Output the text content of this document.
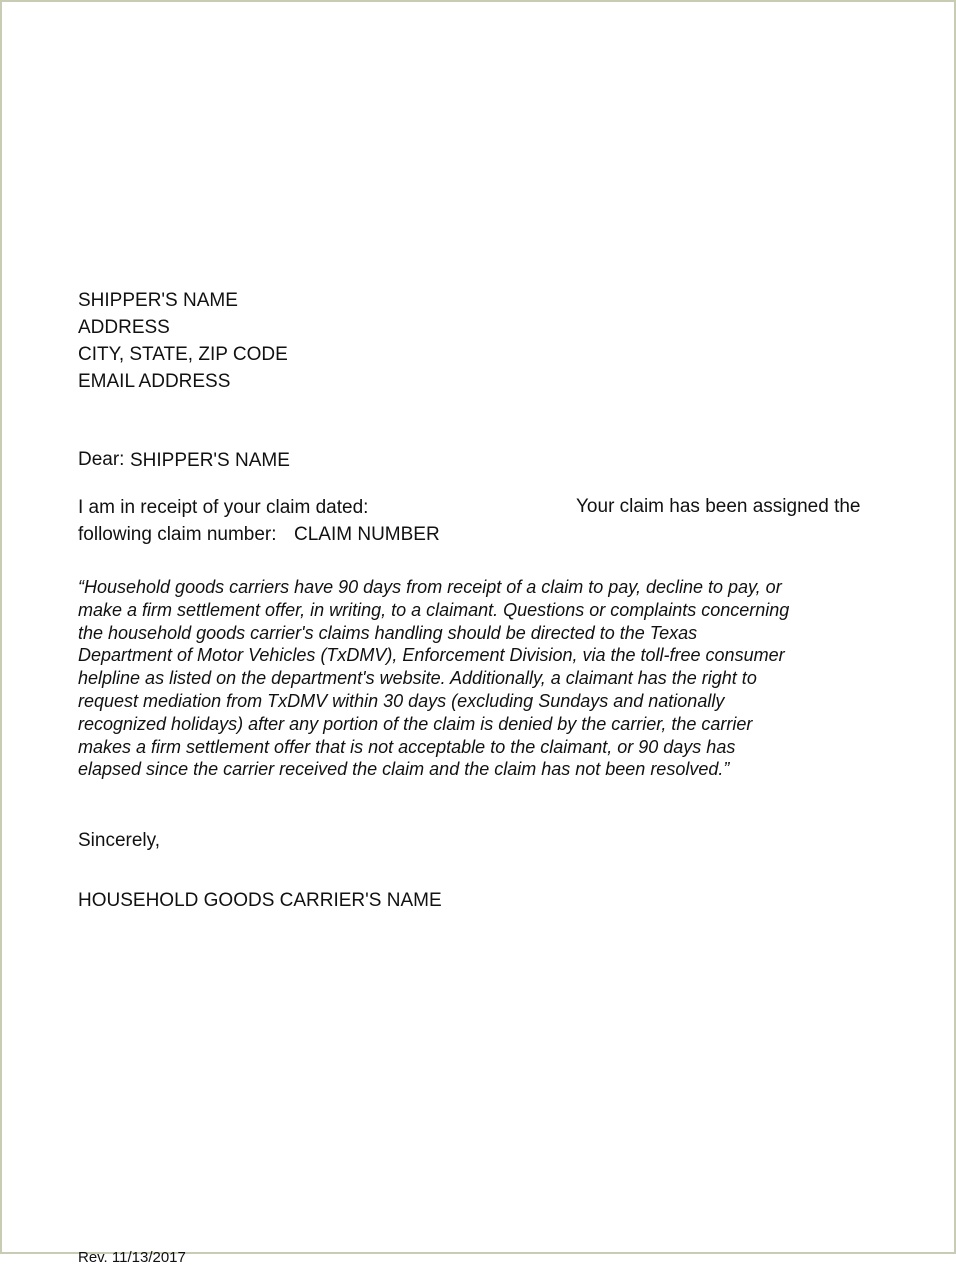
SHIPPER'S NAME

ADDRESS

CITY, STATE, ZIP CODE

EMAIL ADDRESS

Dear: SHIPPER'S NAME

I am in receipt of your claim dated:	Your claim has been assigned the

following claim number: CLAIM NUMBER

“Household goods carriers have 90 days from receipt of a claim to pay, decline to pay, or
make a firm settlement offer, in writing, to a claimant. Questions or complaints concerning
the household goods carrier's claims handling should be directed to the Texas
Department of Motor Vehicles (TxDMV), Enforcement Division, via the toll-free consumer
helpline as listed on the department's website. Additionally, a claimant has the right to
request mediation from TxDMV within 30 days (excluding Sundays and nationally
recognized holidays) after any portion of the claim is denied by the carrier, the carrier
makes a firm settlement offer that is not acceptable to the claimant, or 90 days has
elapsed since the carrier received the claim and the claim has not been resolved.”

Sincerely,

HOUSEHOLD GOODS CARRIER'S NAME

Rev. 11/13/2017
